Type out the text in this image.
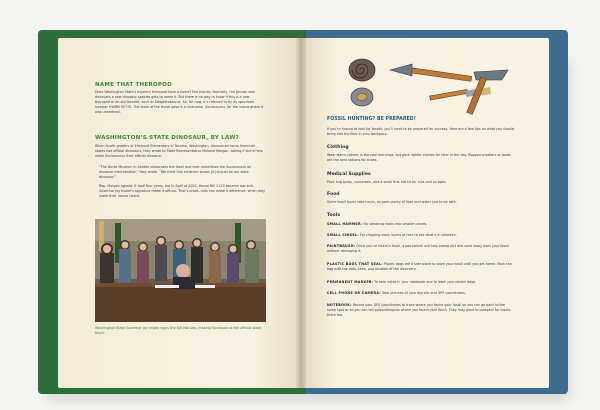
NAME THAT THEROPOD
Does Washington State’s mystery theropod have a name? Not exactly. Normally, the person who discovers a new dinosaur species gets to name it. But there is no way to know if this is a new theropod or an old favorite, such as Daspletosaurus. So, for now, it’s referred to by its specimen number UWBM 95770. The team of the Burke gave it a nickname, Suciasaurus, for the island where it was unearthed.
WASHINGTON’S STATE DINOSAUR, BY LAW?
When fourth graders at Elmhurst Elementary in Tacoma, Washington, discovered some American states had official dinosaurs, they wrote to State Representative Melanie Morgan, asking if she’d help make Suciasaurus their official dinosaur.
“The Burke Museum in Seattle showcases the fossil and even advertises the Suciasaurus on museum merchandise,” they wrote. “We think this evidence shows [it] should be our state dinosaur.”
Rep. Morgan agreed. It took four years, but in April of 2023, House Bill 2133 became law and Governor Jay Inslee’s signature made it official. That’s proof—kids can make a difference, when they make their voices heard.
Washington State Governor Jay Inslee signs the bill into law, making Suciasaurus the official state fossil.
FOSSIL HUNTING? BE PREPARED!
If you’re hoping to look for fossils, you’ll need to be prepared for success. Here are a few tips on what you should bring into the field in your backpack.
Clothing
Wear warm clothes in the cool mornings, but pack lighter clothes for later in the day. Rugged sneakers or boots are the best options for shoes.
Medical Supplies
Pack bug spray, sunscreen, and a small first aid kit for cuts and scrapes.
Food
Some fossil hunts take hours, so pack plenty of food and water just to be safe.
Tools
SMALL HAMMER: For breaking rocks into smaller pieces.
SMALL CHISEL: For chipping away layers of rock to see what’s in between.
PAINTBRUSH: Once you’ve found a fossil, a paintbrush will help sweep dirt and sand away from your fossil without damaging it.
PLASTIC BAGS THAT SEAL: Plastic bags are a safe place to store your fossil until you get home. Mark the bag with the date, time, and location of the discovery.
PERMANENT MARKER: To take notes in your notebook and to label your plastic bags.
CELL PHONE OR CAMERA: Take pictures of your dig site and GPS coordinates.
NOTEBOOK: Record your GPS coordinates to track where you found your fossil so you can go back to the same spot or so you can tell paleontologists where you found your fossil. They may want to prospect for fossils there too.
